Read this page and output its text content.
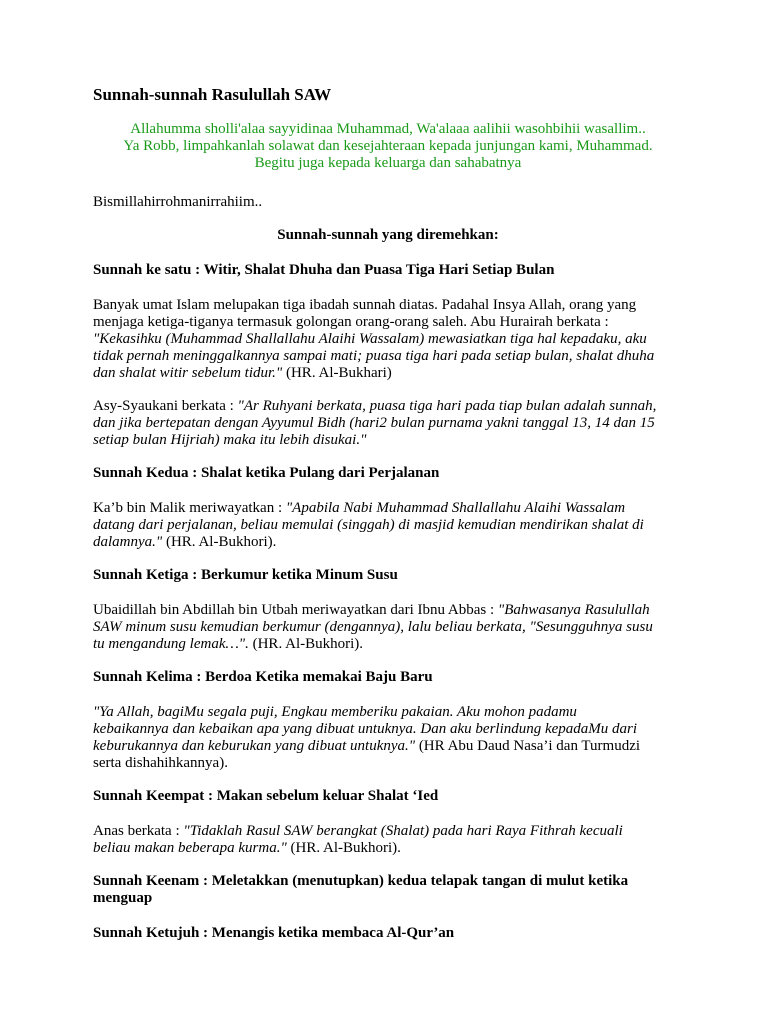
Sunnah-sunnah Rasulullah SAW
Allahumma sholli'alaa sayyidinaa Muhammad, Wa'alaaa aalihii wasohbihii wasallim..
Ya Robb, limpahkanlah solawat dan kesejahteraan kepada junjungan kami, Muhammad.
Begitu juga kepada keluarga dan sahabatnya
Bismillahirrohmanirrahiim..
Sunnah-sunnah yang diremehkan:
Sunnah ke satu : Witir, Shalat Dhuha dan Puasa Tiga Hari Setiap Bulan
Banyak umat Islam melupakan tiga ibadah sunnah diatas. Padahal Insya Allah, orang yang
menjaga ketiga-tiganya termasuk golongan orang-orang saleh. Abu Hurairah berkata :
"Kekasihku (Muhammad Shallallahu Alaihi Wassalam) mewasiatkan tiga hal kepadaku, aku
tidak pernah meninggalkannya sampai mati; puasa tiga hari pada setiap bulan, shalat dhuha
dan shalat witir sebelum tidur." (HR. Al-Bukhari)
Asy-Syaukani berkata : "Ar Ruhyani berkata, puasa tiga hari pada tiap bulan adalah sunnah,
dan jika bertepatan dengan Ayyumul Bidh (hari2 bulan purnama yakni tanggal 13, 14 dan 15
setiap bulan Hijriah) maka itu lebih disukai."
Sunnah Kedua : Shalat ketika Pulang dari Perjalanan
Ka’b bin Malik meriwayatkan : "Apabila Nabi Muhammad Shallallahu Alaihi Wassalam
datang dari perjalanan, beliau memulai (singgah) di masjid kemudian mendirikan shalat di
dalamnya." (HR. Al-Bukhori).
Sunnah Ketiga : Berkumur ketika Minum Susu
Ubaidillah bin Abdillah bin Utbah meriwayatkan dari Ibnu Abbas : "Bahwasanya Rasulullah
SAW minum susu kemudian berkumur (dengannya), lalu beliau berkata, "Sesungguhnya susu
tu mengandung lemak…". (HR. Al-Bukhori).
Sunnah Kelima : Berdoa Ketika memakai Baju Baru
"Ya Allah, bagiMu segala puji, Engkau memberiku pakaian. Aku mohon padamu
kebaikannya dan kebaikan apa yang dibuat untuknya. Dan aku berlindung kepadaMu dari
keburukannya dan keburukan yang dibuat untuknya." (HR Abu Daud Nasa’i dan Turmudzi
serta dishahihkannya).
Sunnah Keempat : Makan sebelum keluar Shalat ‘Ied
Anas berkata : "Tidaklah Rasul SAW berangkat (Shalat) pada hari Raya Fithrah kecuali
beliau makan beberapa kurma." (HR. Al-Bukhori).
Sunnah Keenam : Meletakkan (menutupkan) kedua telapak tangan di mulut ketika
menguap
Sunnah Ketujuh : Menangis ketika membaca Al-Qur’an
